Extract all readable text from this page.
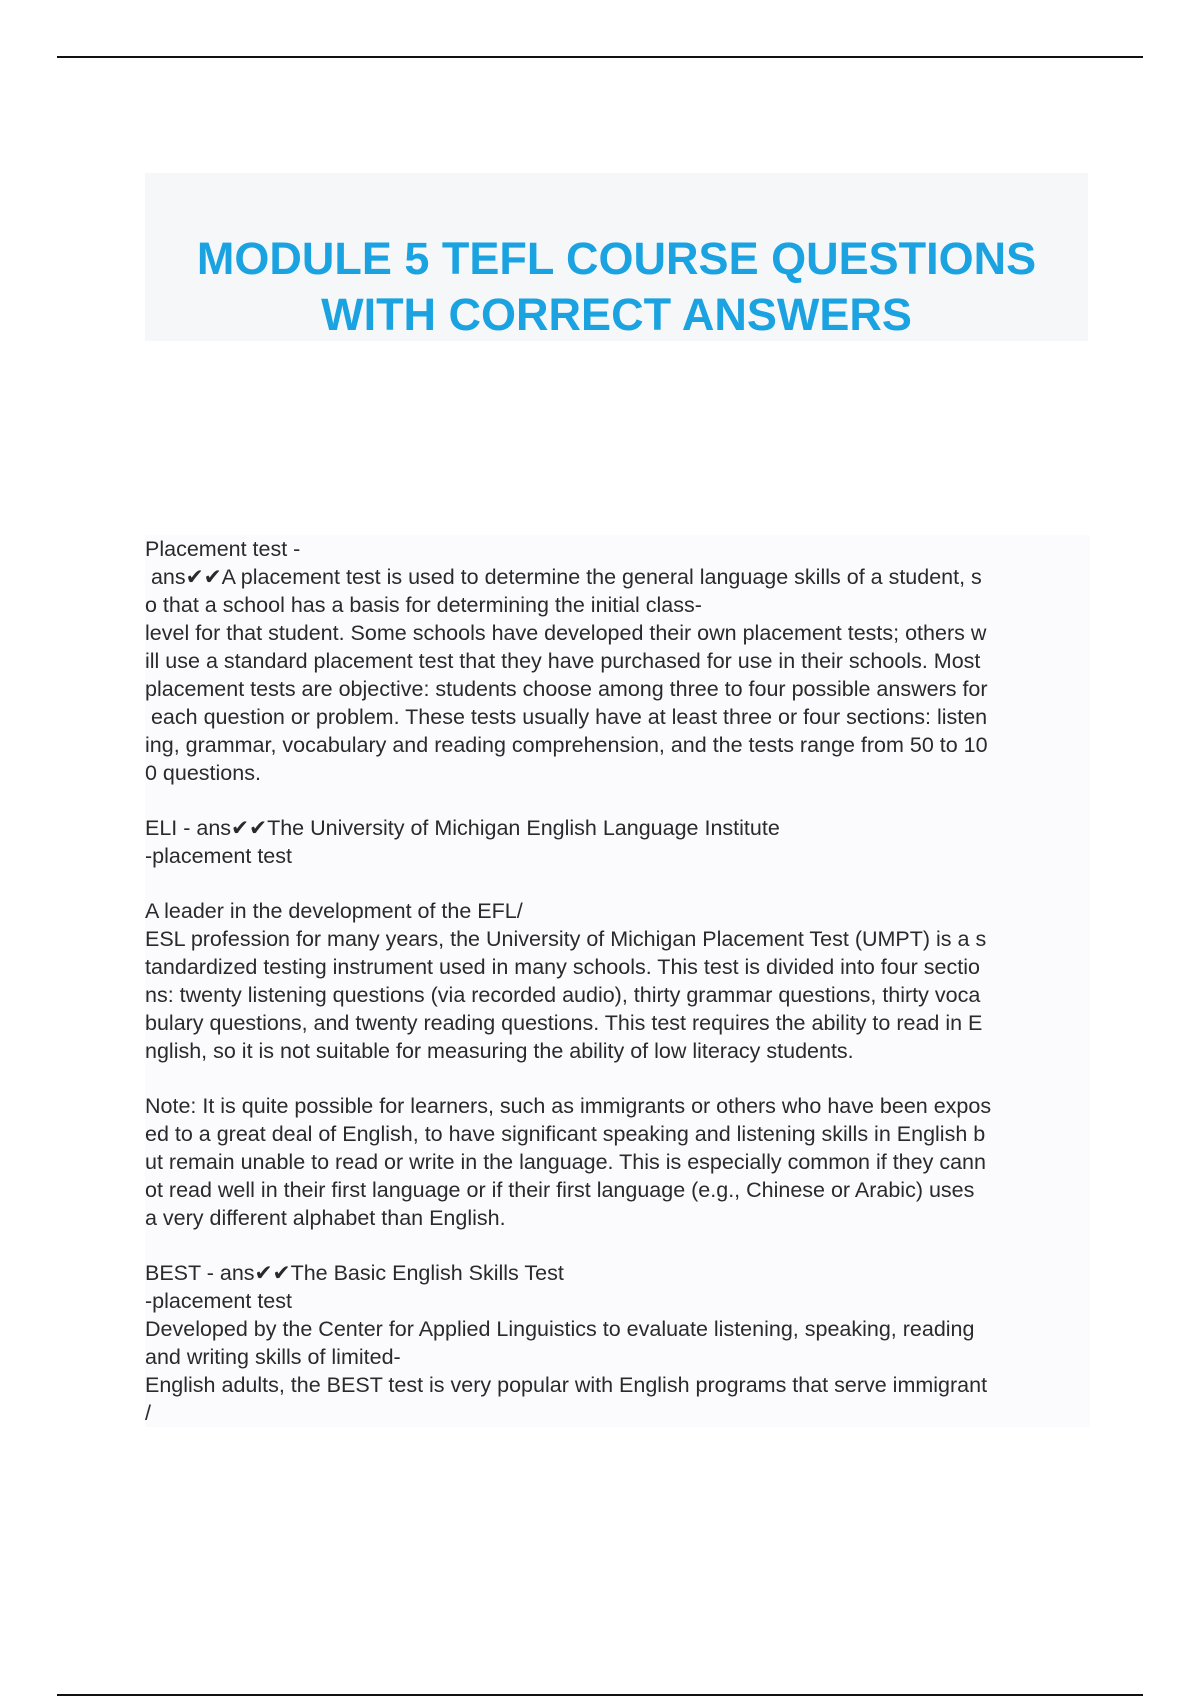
MODULE 5 TEFL COURSE QUESTIONS
WITH CORRECT ANSWERS
Placement test -
ans✔✔A placement test is used to determine the general language skills of a student, s
o that a school has a basis for determining the initial class-
level for that student. Some schools have developed their own placement tests; others w
ill use a standard placement test that they have purchased for use in their schools. Most
placement tests are objective: students choose among three to four possible answers for
each question or problem. These tests usually have at least three or four sections: listen
ing, grammar, vocabulary and reading comprehension, and the tests range from 50 to 10
0 questions.
ELI - ans✔✔The University of Michigan English Language Institute
-placement test
A leader in the development of the EFL/
ESL profession for many years, the University of Michigan Placement Test (UMPT) is a s
tandardized testing instrument used in many schools. This test is divided into four sectio
ns: twenty listening questions (via recorded audio), thirty grammar questions, thirty voca
bulary questions, and twenty reading questions. This test requires the ability to read in E
nglish, so it is not suitable for measuring the ability of low literacy students.
Note: It is quite possible for learners, such as immigrants or others who have been expos
ed to a great deal of English, to have significant speaking and listening skills in English b
ut remain unable to read or write in the language. This is especially common if they cann
ot read well in their first language or if their first language (e.g., Chinese or Arabic) uses
a very different alphabet than English.
BEST - ans✔✔The Basic English Skills Test
-placement test
Developed by the Center for Applied Linguistics to evaluate listening, speaking, reading
and writing skills of limited-
English adults, the BEST test is very popular with English programs that serve immigrant
/
